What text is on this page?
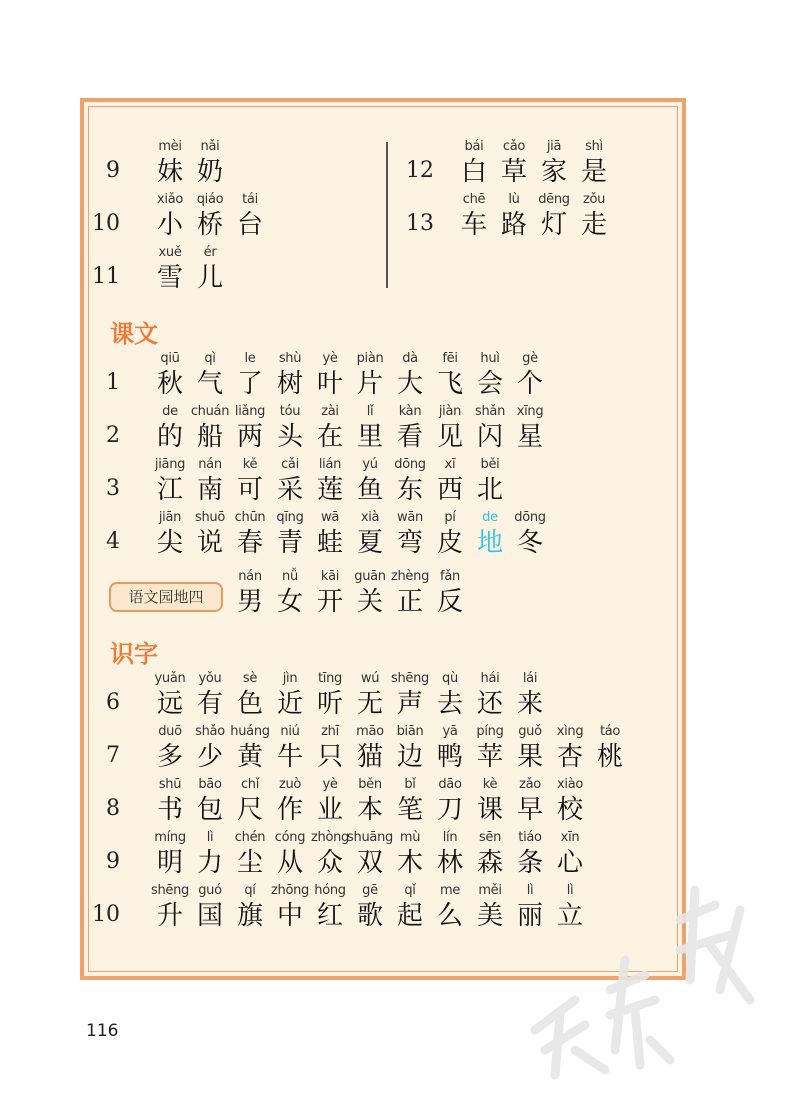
课文
语文园地四
识字
9
mèi
妹
nǎi
奶
10
xiǎo
小
qiáo
桥
tái
台
11
xuě
雪
ér
儿
12
bái
白
cǎo
草
jiā
家
shì
是
13
chē
车
lù
路
dēng
灯
zǒu
走
1
qiū
秋
qì
气
le
了
shù
树
yè
叶
piàn
片
dà
大
fēi
飞
huì
会
gè
个
2
de
的
chuán
船
liǎng
两
tóu
头
zài
在
lǐ
里
kàn
看
jiàn
见
shǎn
闪
xīng
星
3
jiāng
江
nán
南
kě
可
cǎi
采
lián
莲
yú
鱼
dōng
东
xī
西
běi
北
4
jiān
尖
shuō
说
chūn
春
qīng
青
wā
蛙
xià
夏
wān
弯
pí
皮
de
地
dōng
冬
nán
男
nǚ
女
kāi
开
guān
关
zhèng
正
fǎn
反
6
yuǎn
远
yǒu
有
sè
色
jìn
近
tīng
听
wú
无
shēng
声
qù
去
hái
还
lái
来
7
duō
多
shǎo
少
huáng
黄
niú
牛
zhī
只
māo
猫
biān
边
yā
鸭
píng
苹
guǒ
果
xìng
杏
táo
桃
8
shū
书
bāo
包
chǐ
尺
zuò
作
yè
业
běn
本
bǐ
笔
dāo
刀
kè
课
zǎo
早
xiào
校
9
míng
明
lì
力
chén
尘
cóng
从
zhòng
众
shuāng
双
mù
木
lín
林
sēn
森
tiáo
条
xīn
心
10
shēng
升
guó
国
qí
旗
zhōng
中
hóng
红
gē
歌
qǐ
起
me
么
měi
美
lì
丽
lì
立
116
